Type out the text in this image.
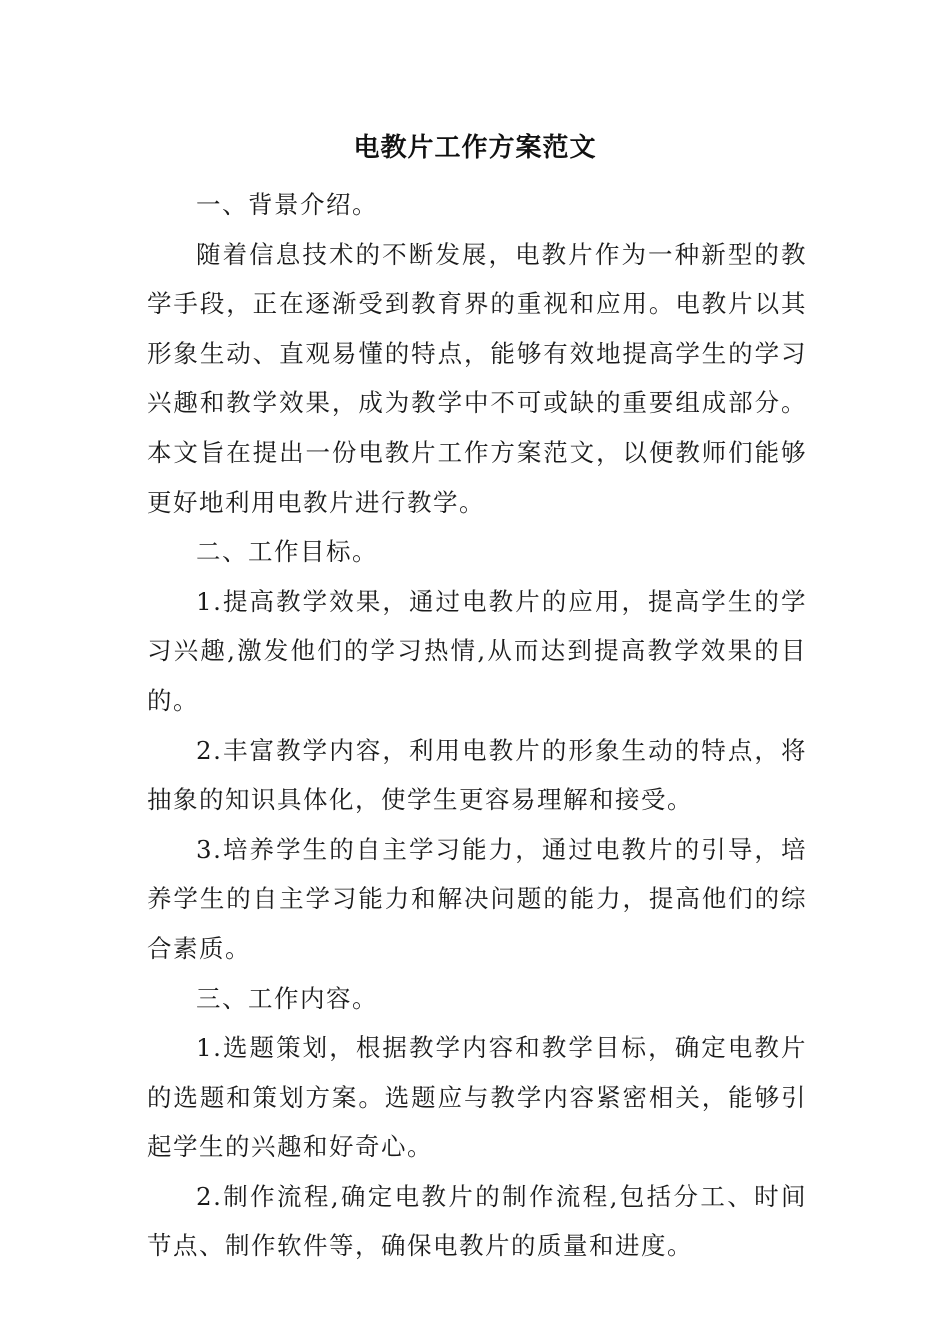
电教片工作方案范文

一、背景介绍。

随着信息技术的不断发展，电教片作为一种新型的教学手段，正在逐渐受到教育界的重视和应用。电教片以其形象生动、直观易懂的特点，能够有效地提高学生的学习兴趣和教学效果，成为教学中不可或缺的重要组成部分。本文旨在提出一份电教片工作方案范文，以便教师们能够更好地利用电教片进行教学。

二、工作目标。

1.提高教学效果，通过电教片的应用，提高学生的学习兴趣,激发他们的学习热情,从而达到提高教学效果的目的。

2.丰富教学内容，利用电教片的形象生动的特点，将抽象的知识具体化，使学生更容易理解和接受。

3.培养学生的自主学习能力，通过电教片的引导，培养学生的自主学习能力和解决问题的能力，提高他们的综合素质。

三、工作内容。

1.选题策划，根据教学内容和教学目标，确定电教片的选题和策划方案。选题应与教学内容紧密相关，能够引起学生的兴趣和好奇心。

2.制作流程,确定电教片的制作流程,包括分工、时间节点、制作软件等，确保电教片的质量和进度。
